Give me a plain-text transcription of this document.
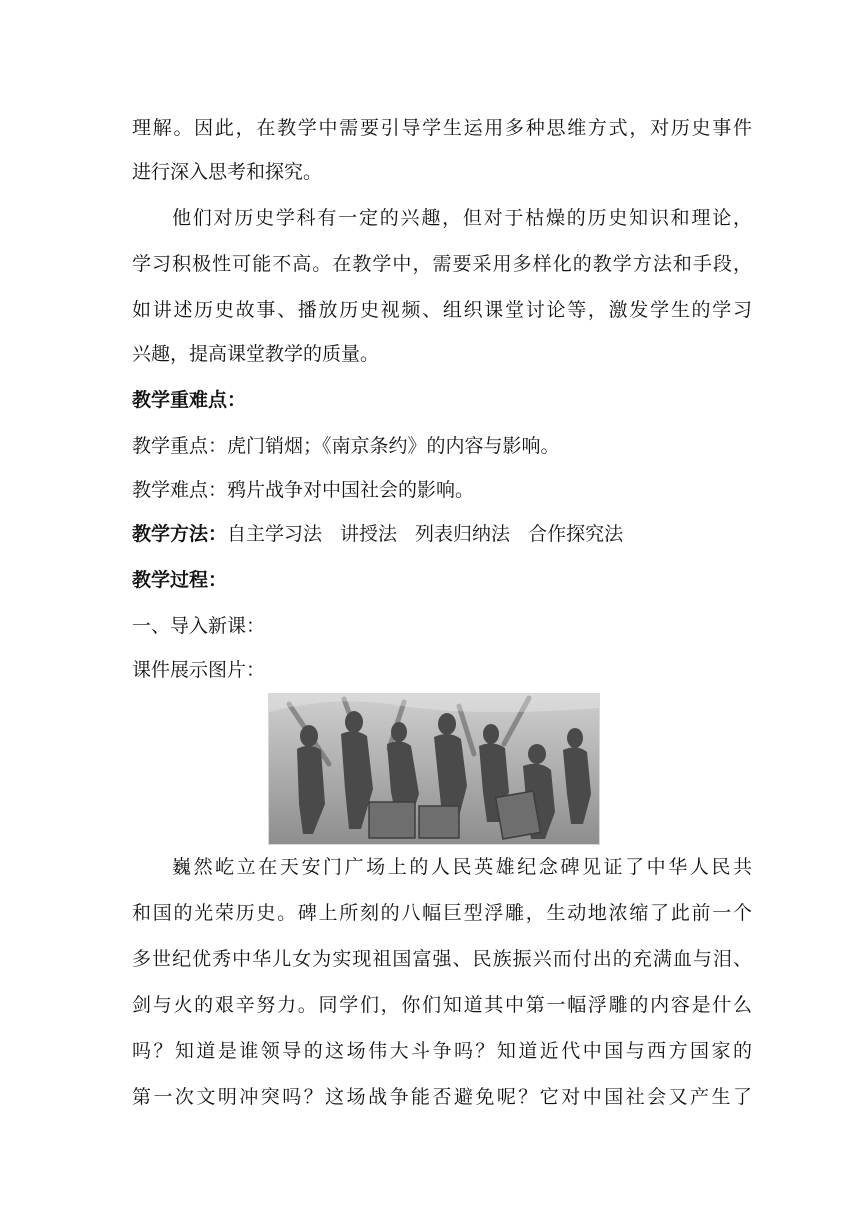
理解。因此，在教学中需要引导学生运用多种思维方式，对历史事件
进行深入思考和探究。
他们对历史学科有一定的兴趣，但对于枯燥的历史知识和理论，
学习积极性可能不高。在教学中，需要采用多样化的教学方法和手段，
如讲述历史故事、播放历史视频、组织课堂讨论等，激发学生的学习
兴趣，提高课堂教学的质量。
教学重难点：
教学重点：虎门销烟；《南京条约》的内容与影响。
教学难点：鸦片战争对中国社会的影响。
教学方法：自主学习法 讲授法 列表归纳法 合作探究法
教学过程：
一、导入新课：
课件展示图片：
巍然屹立在天安门广场上的人民英雄纪念碑见证了中华人民共
和国的光荣历史。碑上所刻的八幅巨型浮雕，生动地浓缩了此前一个
多世纪优秀中华儿女为实现祖国富强、民族振兴而付出的充满血与泪、
剑与火的艰辛努力。同学们，你们知道其中第一幅浮雕的内容是什么
吗？知道是谁领导的这场伟大斗争吗？知道近代中国与西方国家的
第一次文明冲突吗？这场战争能否避免呢？它对中国社会又产生了
